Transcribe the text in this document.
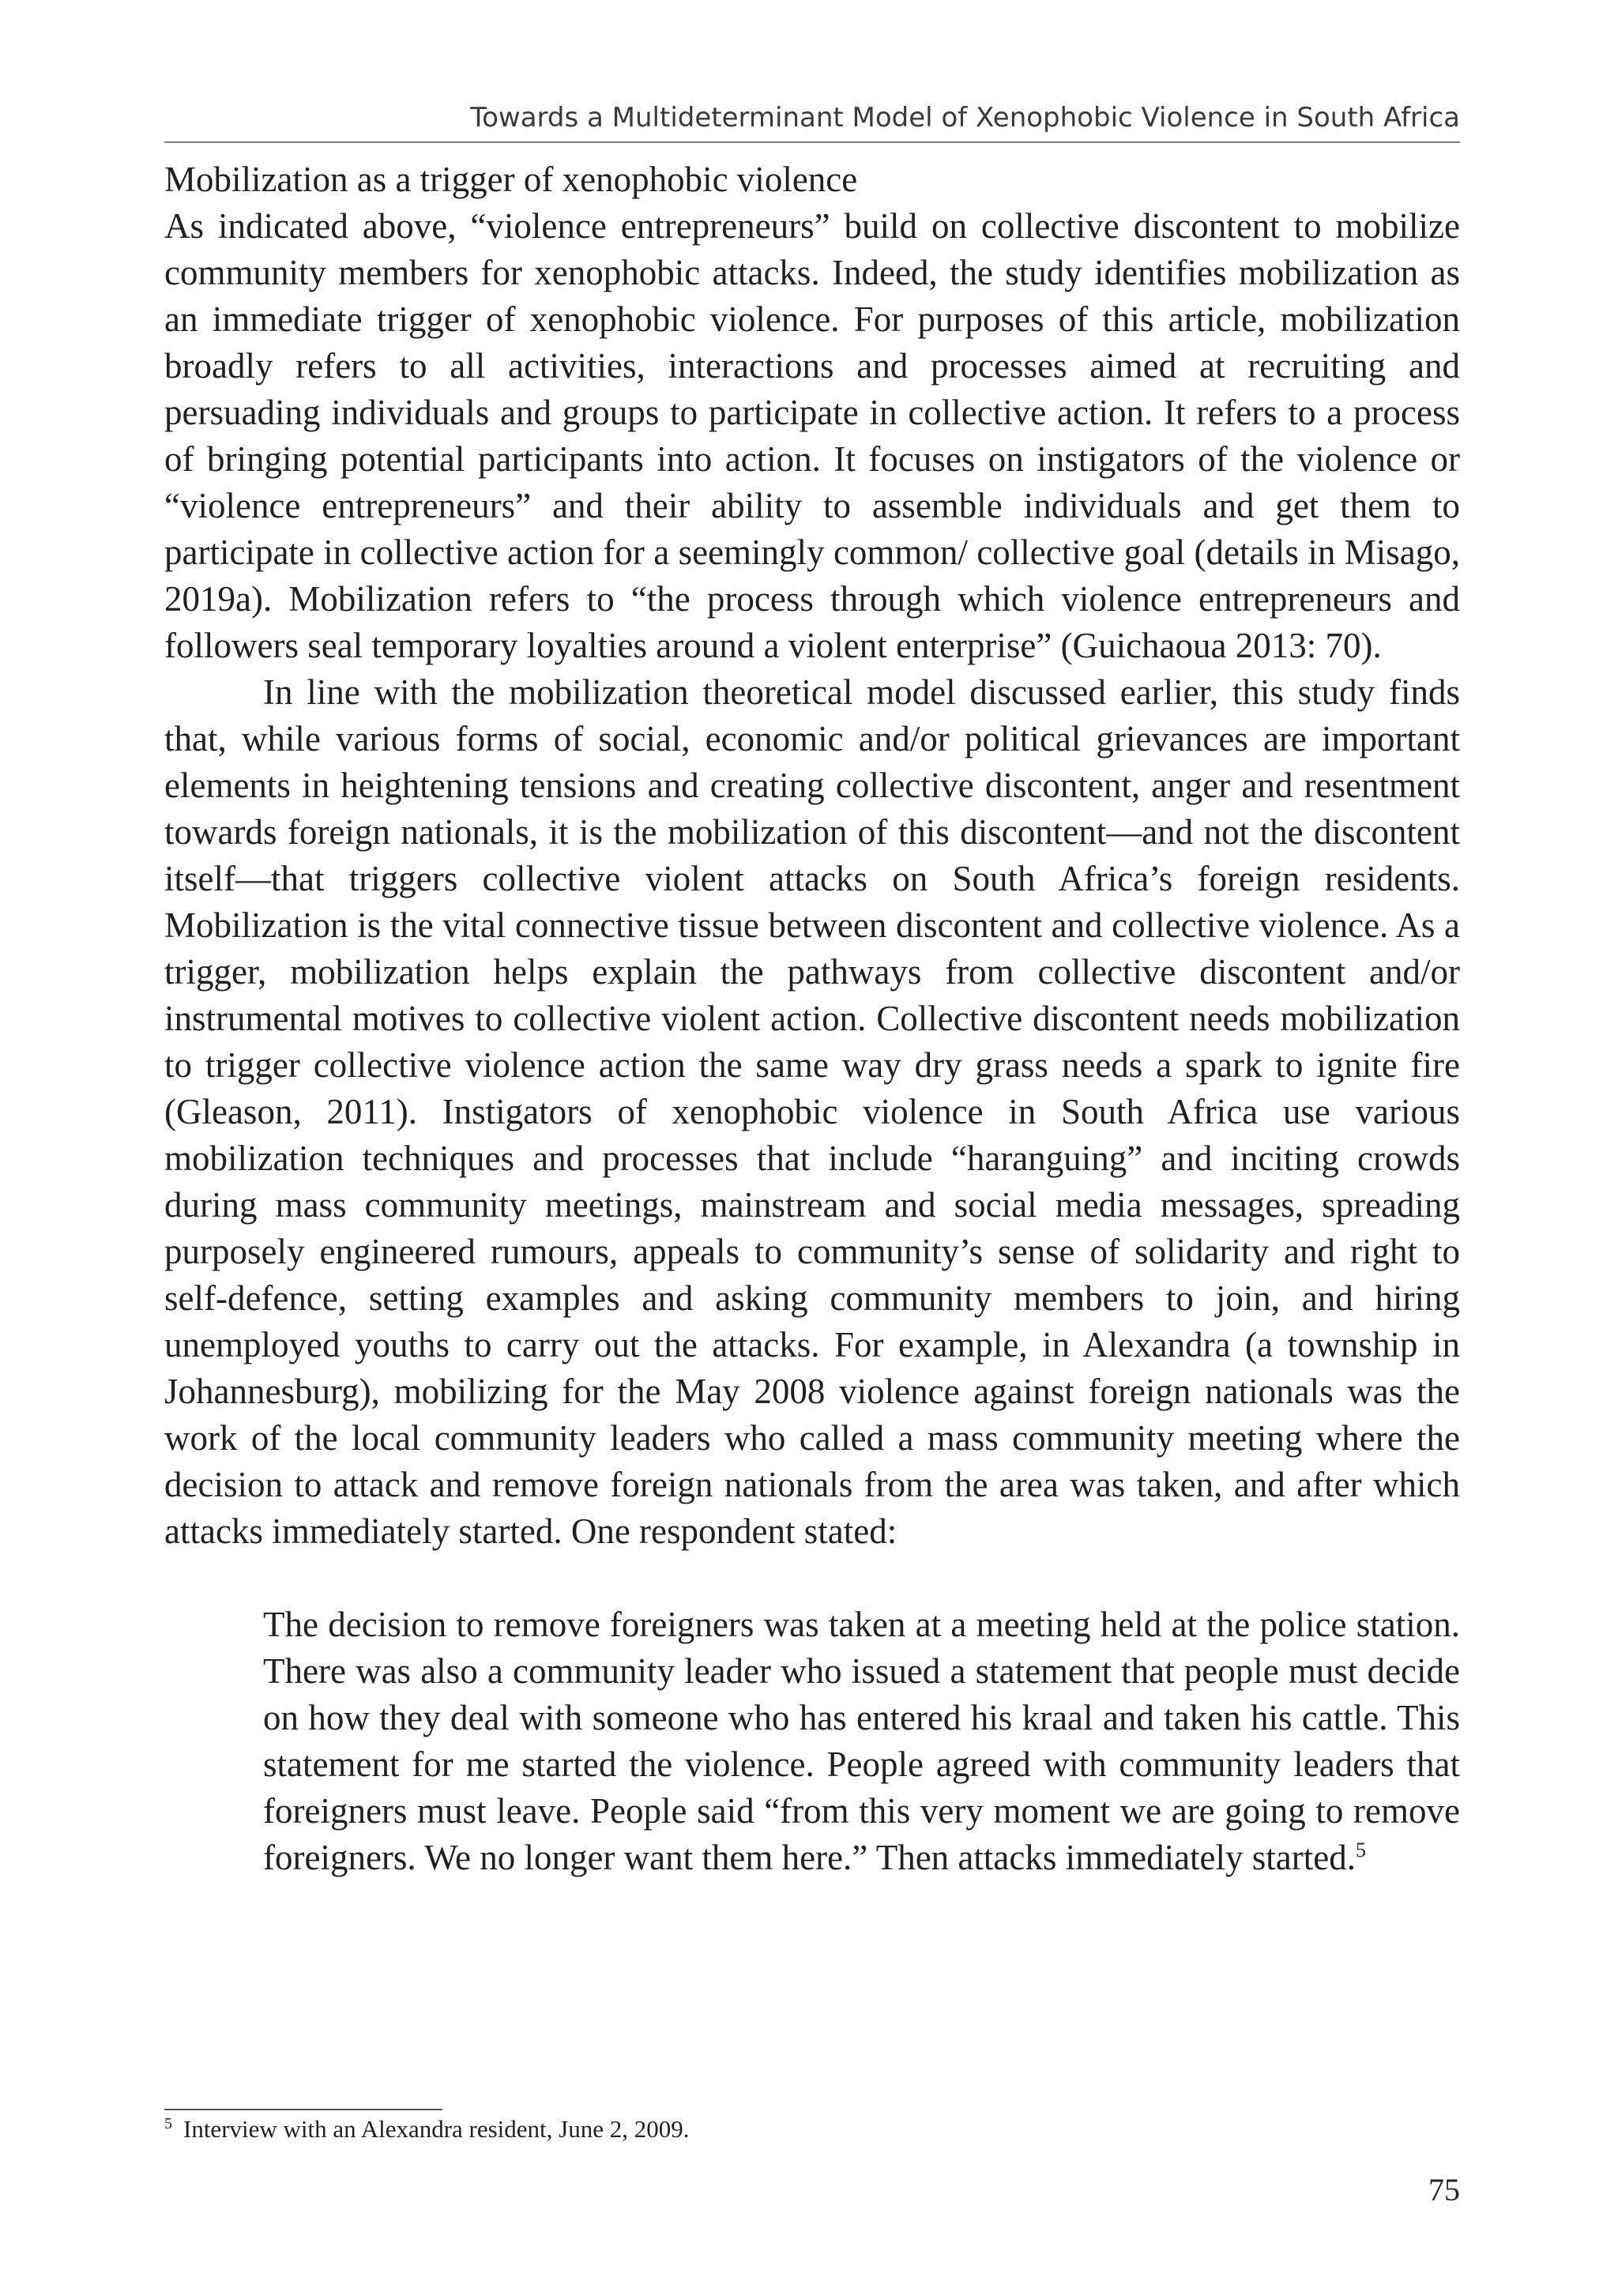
Towards a Multideterminant Model of Xenophobic Violence in South Africa
Mobilization as a trigger of xenophobic violence

As indicated above, “violence entrepreneurs” build on collective discontent to mobilize community members for xenophobic attacks. Indeed, the study identifies mobilization as an immediate trigger of xenophobic violence. For purposes of this article, mobilization broadly refers to all activities, interactions and processes aimed at recruiting and persuading individuals and groups to participate in collective action. It refers to a process of bringing potential participants into action. It focuses on instigators of the violence or “violence entrepreneurs” and their ability to assemble individuals and get them to participate in collective action for a seemingly common/ collective goal (details in Misago, 2019a). Mobilization refers to “the process through which violence entrepreneurs and followers seal temporary loyalties around a violent enterprise” (Guichaoua 2013: 70).

In line with the mobilization theoretical model discussed earlier, this study finds that, while various forms of social, economic and/or political grievances are important elements in heightening tensions and creating collective discontent, anger and resentment towards foreign nationals, it is the mobilization of this discontent—and not the discontent itself—that triggers collective violent attacks on South Africa’s foreign residents. Mobilization is the vital connective tissue between discontent and collective violence. As a trigger, mobilization helps explain the pathways from collective discontent and/or instrumental motives to collective violent action. Collective discontent needs mobilization to trigger collective violence action the same way dry grass needs a spark to ignite fire (Gleason, 2011). Instigators of xenophobic violence in South Africa use various mobilization techniques and processes that include “haranguing” and inciting crowds during mass community meetings, mainstream and social media messages, spreading purposely engineered rumours, appeals to community’s sense of solidarity and right to self-defence, setting examples and asking community members to join, and hiring unemployed youths to carry out the attacks. For example, in Alexandra (a township in Johannesburg), mobilizing for the May 2008 violence against foreign nationals was the work of the local community leaders who called a mass community meeting where the decision to attack and remove foreign nationals from the area was taken, and after which attacks immediately started. One respondent stated:

The decision to remove foreigners was taken at a meeting held at the police station. There was also a community leader who issued a statement that people must decide on how they deal with someone who has entered his kraal and taken his cattle. This statement for me started the violence. People agreed with community leaders that foreigners must leave. People said “from this very moment we are going to remove foreigners. We no longer want them here.” Then attacks immediately started.$^5$
$^5$ Interview with an Alexandra resident, June 2, 2009.
75
